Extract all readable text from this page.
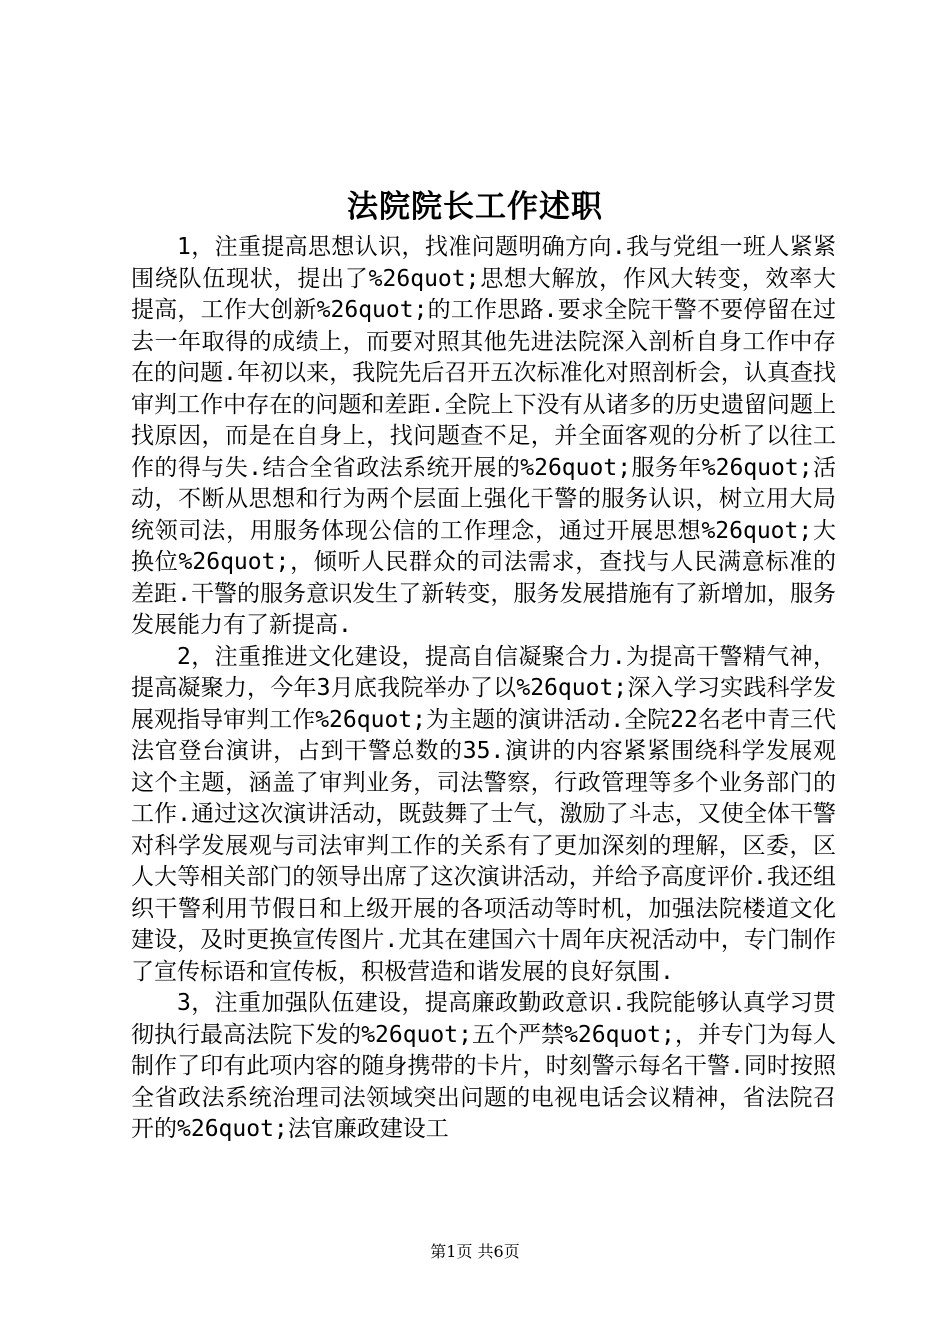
法院院长工作述职

1，注重提高思想认识，找准问题明确方向.我与党组一班人紧紧围绕队伍现状，提出了%26quot;思想大解放，作风大转变，效率大提高，工作大创新%26quot;的工作思路.要求全院干警不要停留在过去一年取得的成绩上，而要对照其他先进法院深入剖析自身工作中存在的问题.年初以来，我院先后召开五次标准化对照剖析会，认真查找审判工作中存在的问题和差距.全院上下没有从诸多的历史遗留问题上找原因，而是在自身上，找问题查不足，并全面客观的分析了以往工作的得与失.结合全省政法系统开展的%26quot;服务年%26quot;活动，不断从思想和行为两个层面上强化干警的服务认识，树立用大局统领司法，用服务体现公信的工作理念，通过开展思想%26quot;大换位%26quot;，倾听人民群众的司法需求，查找与人民满意标准的差距.干警的服务意识发生了新转变，服务发展措施有了新增加，服务发展能力有了新提高.

2，注重推进文化建设，提高自信凝聚合力.为提高干警精气神，提高凝聚力，今年3月底我院举办了以%26quot;深入学习实践科学发展观指导审判工作%26quot;为主题的演讲活动.全院22名老中青三代法官登台演讲，占到干警总数的35.演讲的内容紧紧围绕科学发展观这个主题，涵盖了审判业务，司法警察，行政管理等多个业务部门的工作.通过这次演讲活动，既鼓舞了士气，激励了斗志，又使全体干警对科学发展观与司法审判工作的关系有了更加深刻的理解，区委，区人大等相关部门的领导出席了这次演讲活动，并给予高度评价.我还组织干警利用节假日和上级开展的各项活动等时机，加强法院楼道文化建设，及时更换宣传图片.尤其在建国六十周年庆祝活动中，专门制作了宣传标语和宣传板，积极营造和谐发展的良好氛围.

3，注重加强队伍建设，提高廉政勤政意识.我院能够认真学习贯彻执行最高法院下发的%26quot;五个严禁%26quot;，并专门为每人制作了印有此项内容的随身携带的卡片，时刻警示每名干警.同时按照全省政法系统治理司法领域突出问题的电视电话会议精神，省法院召开的%26quot;法官廉政建设工

第1页 共6页
